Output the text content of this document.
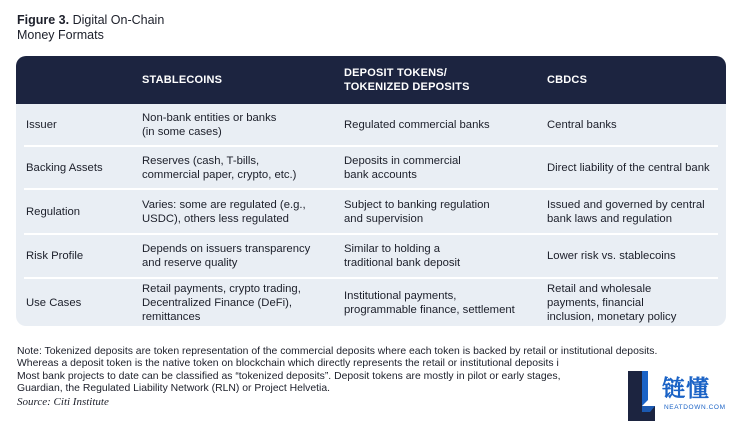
Figure 3. Digital On-Chain
Money Formats
STABLECOINS
DEPOSIT TOKENS/
TOKENIZED DEPOSITS
CBDCS
Issuer
Non-bank entities or banks
(in some cases)
Regulated commercial banks	Central banks
Backing Assets
Reserves (cash, T-bills,
commercial paper, crypto, etc.)
Deposits in commercial
bank accounts
Direct liability of the central bank
Regulation
Varies: some are regulated (e.g.,
USDC), others less regulated
Subject to banking regulation
and supervision
Issued and governed by central
bank laws and regulation
Risk Profile
Depends on issuers transparency
and reserve quality
Similar to holding a
traditional bank deposit
Lower risk vs. stablecoins
Use Cases
Retail payments, crypto trading,
Decentralized Finance (DeFi),
remittances
Institutional payments,
programmable finance, settlement
Retail and wholesale
payments, financial
inclusion, monetary policy
Note: Tokenized deposits are token representation of the commercial deposits where each token is backed by retail or institutional deposits.
Whereas a deposit token is the native token on blockchain which directly represents the retail or institutional deposits i
Most bank projects to date can be classified as “tokenized deposits”. Deposit tokens are mostly in pilot or early stages,
Guardian, the Regulated Liability Network (RLN) or Project Helvetia.
Source: Citi Institute	链懂
NEATDOWN.COM
